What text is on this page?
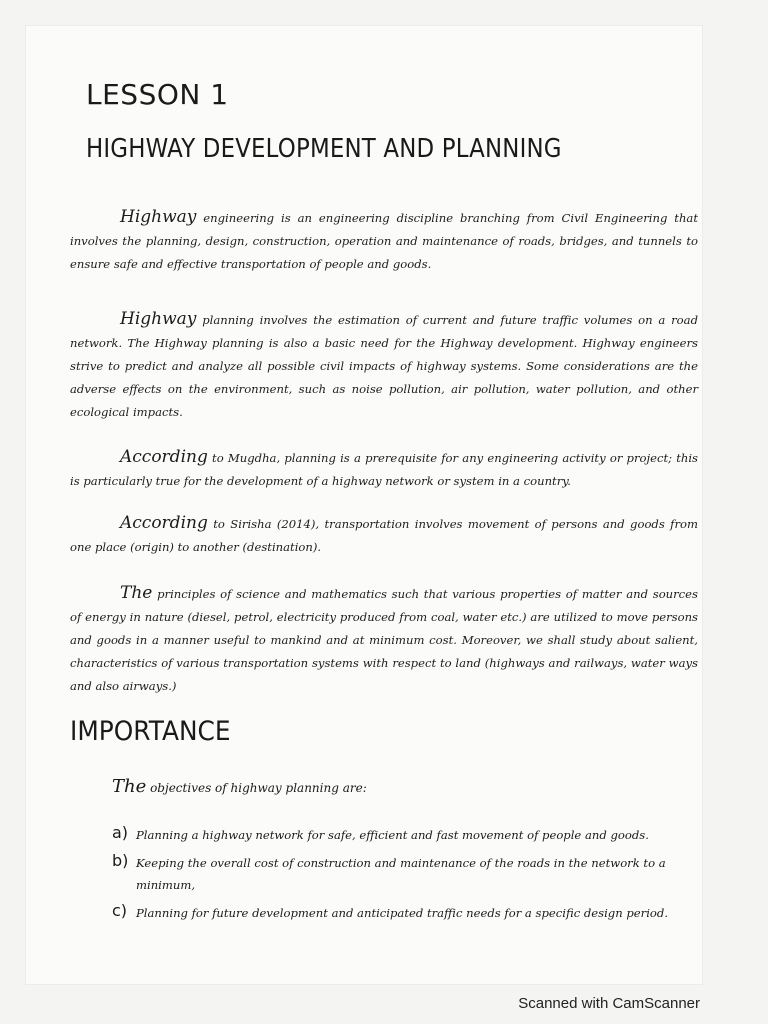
LESSON 1
HIGHWAY DEVELOPMENT AND PLANNING
Highway engineering is an engineering discipline branching from Civil Engineering that involves the planning, design, construction, operation and maintenance of roads, bridges, and tunnels to ensure safe and effective transportation of people and goods.
Highway planning involves the estimation of current and future traffic volumes on a road network. The Highway planning is also a basic need for the Highway development. Highway engineers strive to predict and analyze all possible civil impacts of highway systems. Some considerations are the adverse effects on the environment, such as noise pollution, air pollution, water pollution, and other ecological impacts.
According to Mugdha, planning is a prerequisite for any engineering activity or project; this is particularly true for the development of a highway network or system in a country.
According to Sirisha (2014), transportation involves movement of persons and goods from one place (origin) to another (destination).
The principles of science and mathematics such that various properties of matter and sources of energy in nature (diesel, petrol, electricity produced from coal, water etc.) are utilized to move persons and goods in a manner useful to mankind and at minimum cost. Moreover, we shall study about salient, characteristics of various transportation systems with respect to land (highways and railways, water ways and also airways.)
IMPORTANCE
The objectives of highway planning are:
a) Planning a highway network for safe, efficient and fast movement of people and goods.
b) Keeping the overall cost of construction and maintenance of the roads in the network to a minimum,
c) Planning for future development and anticipated traffic needs for a specific design period.
Scanned with CamScanner
